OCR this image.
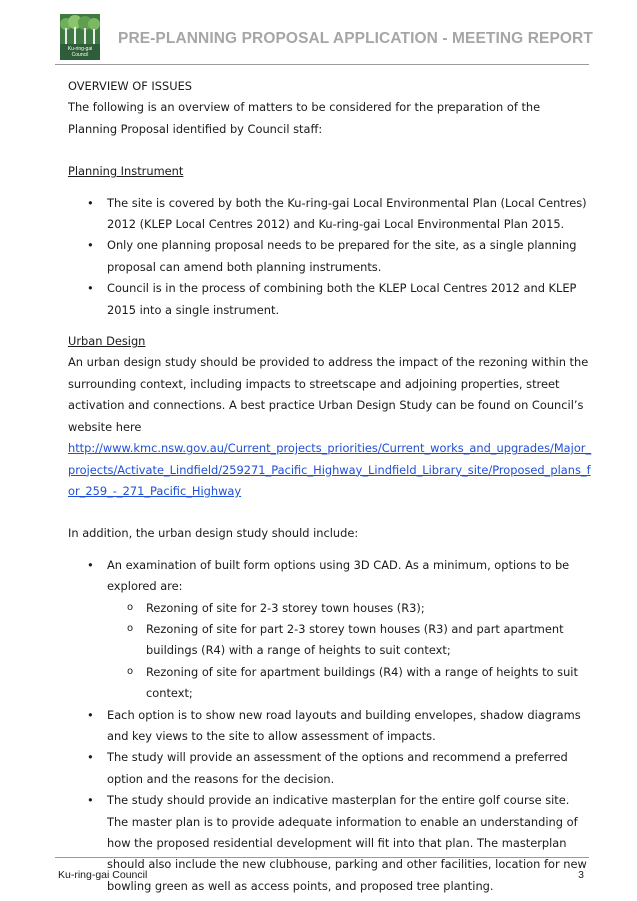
Ku-ring-gai
Council
PRE-PLANNING PROPOSAL APPLICATION - MEETING REPORT

OVERVIEW OF ISSUES

The following is an overview of matters to be considered for the preparation of the Planning Proposal identified by Council staff:

Planning Instrument

• The site is covered by both the Ku-ring-gai Local Environmental Plan (Local Centres) 2012 (KLEP Local Centres 2012) and Ku-ring-gai Local Environmental Plan 2015.
• Only one planning proposal needs to be prepared for the site, as a single planning proposal can amend both planning instruments.
• Council is in the process of combining both the KLEP Local Centres 2012 and KLEP 2015 into a single instrument.

Urban Design

An urban design study should be provided to address the impact of the rezoning within the surrounding context, including impacts to streetscape and adjoining properties, street activation and connections. A best practice Urban Design Study can be found on Council’s website here

http://www.kmc.nsw.gov.au/Current_projects_priorities/Current_works_and_upgrades/Major_projects/Activate_Lindfield/259271_Pacific_Highway_Lindfield_Library_site/Proposed_plans_for_259_-_271_Pacific_Highway

In addition, the urban design study should include:

• An examination of built form options using 3D CAD. As a minimum, options to be explored are:
o Rezoning of site for 2-3 storey town houses (R3);
o Rezoning of site for part 2-3 storey town houses (R3) and part apartment buildings (R4) with a range of heights to suit context;
o Rezoning of site for apartment buildings (R4) with a range of heights to suit context;
• Each option is to show new road layouts and building envelopes, shadow diagrams and key views to the site to allow assessment of impacts.
• The study will provide an assessment of the options and recommend a preferred option and the reasons for the decision.
• The study should provide an indicative masterplan for the entire golf course site. The master plan is to provide adequate information to enable an understanding of how the proposed residential development will fit into that plan. The masterplan should also include the new clubhouse, parking and other facilities, location for new bowling green as well as access points, and proposed tree planting.
Ku-ring-gai Council	3
